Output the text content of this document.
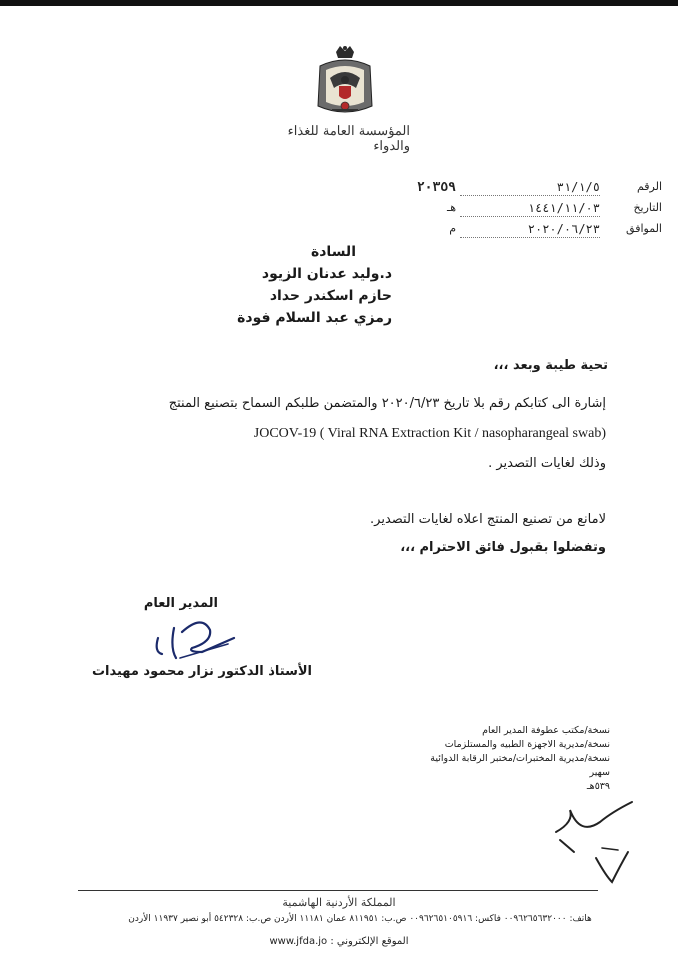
المؤسسة العامة للغذاء والدواء
الرقم
٣١/١/٥
٢٠٣٥٩
التاريخ
١٤٤١/١١/٠٣
هـ
الموافق
٢٠٢٠/٠٦/٢٣
م
السادة
د.وليد عدنان الزيود
حازم اسكندر حداد
رمزي عبد السلام فودة
تحية طيبة وبعد ،،،
إشارة الى كتابكم رقم بلا تاريخ ٢٠٢٠/٦/٢٣ والمتضمن طلبكم السماح بتصنيع المنتج
JOCOV-19 ( Viral RNA Extraction Kit / nasopharangeal swab)
وذلك لغايات التصدير .
لامانع من تصنيع المنتج اعلاه لغايات التصدير.
وتفضلوا بقبول فائق الاحترام ،،،
المدير العام
الأستاذ الدكتور نزار محمود مهيدات
نسخة/مكتب عطوفة المدير العام
نسخة/مديرية الاجهزة الطبيه والمستلزمات
نسخة/مديرية المختبرات/مختبر الرقابة الدوائية
سهير
٥٣٩هـ
المملكة الأردنية الهاشمية
هاتف: ٠٠٩٦٢٦٥٦٣٢٠٠٠ فاكس: ٠٠٩٦٢٦٥١٠٥٩١٦ ص.ب: ٨١١٩٥١ عمان ١١١٨١ الأردن ص.ب: ٥٤٢٣٢٨ أبو نصير ١١٩٣٧ الأردن
الموقع الإلكتروني : www.jfda.jo
